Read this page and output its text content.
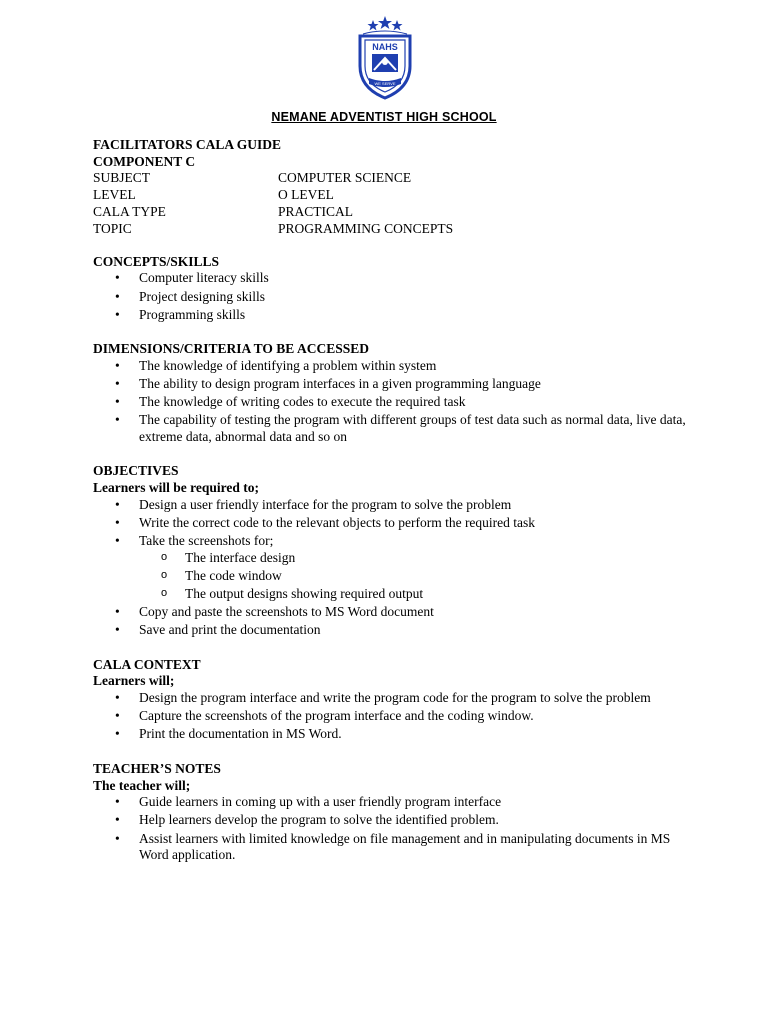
NAHS
WE SERVE
NEMANE ADVENTIST HIGH SCHOOL
FACILITATORS CALA GUIDE
COMPONENT C
SUBJECT	COMPUTER SCIENCE
LEVEL	O LEVEL
CALA TYPE	PRACTICAL
TOPIC	PROGRAMMING CONCEPTS
CONCEPTS/SKILLS
• Computer literacy skills
• Project designing skills
• Programming skills
DIMENSIONS/CRITERIA TO BE ACCESSED
• The knowledge of identifying a problem within system
• The ability to design program interfaces in a given programming language
• The knowledge of writing codes to execute the required task
• The capability of testing the program with different groups of test data such as normal data, live data, extreme data, abnormal data and so on
OBJECTIVES
Learners will be required to;
• Design a user friendly interface for the program to solve the problem
• Write the correct code to the relevant objects to perform the required task
• Take the screenshots for;
o The interface design
o The code window
o The output designs showing required output
• Copy and paste the screenshots to MS Word document
• Save and print the documentation
CALA CONTEXT
Learners will;
• Design the program interface and write the program code for the program to solve the problem
• Capture the screenshots of the program interface and the coding window.
• Print the documentation in MS Word.
TEACHER’S NOTES
The teacher will;
• Guide learners in coming up with a user friendly program interface
• Help learners develop the program to solve the identified problem.
• Assist learners with limited knowledge on file management and in manipulating documents in MS Word application.
